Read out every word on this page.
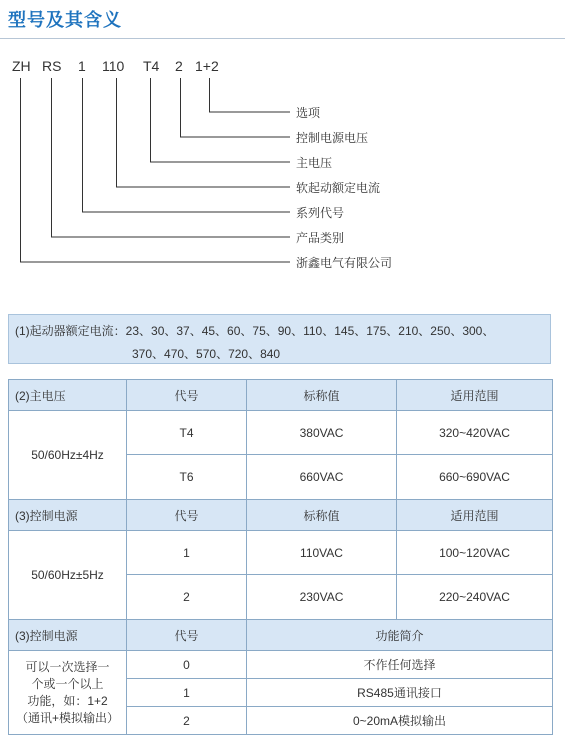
型号及其含义
ZH RS 1 110 T4 2 1+2
选项
控制电源电压
主电压
软起动额定电流
系列代号
产品类别
浙鑫电气有限公司
(1)起动器额定电流：23、30、37、45、60、75、90、110、145、175、210、250、300、
370、470、570、720、840
(2)主电压	代号	标称值	适用范围
50/60Hz±4Hz	T4	380VAC	320~420VAC
	T6	660VAC	660~690VAC
(3)控制电源	代号	标称值	适用范围
50/60Hz±5Hz	1	110VAC	100~120VAC
	2	230VAC	220~240VAC
(3)控制电源	代号	功能简介	

可以一次选择一
个或一个以上
功能，如：1+2
（通讯+模拟输出）	0	不作任何选择	
	1	RS485通讯接口	
	2	0~20mA模拟输出	
